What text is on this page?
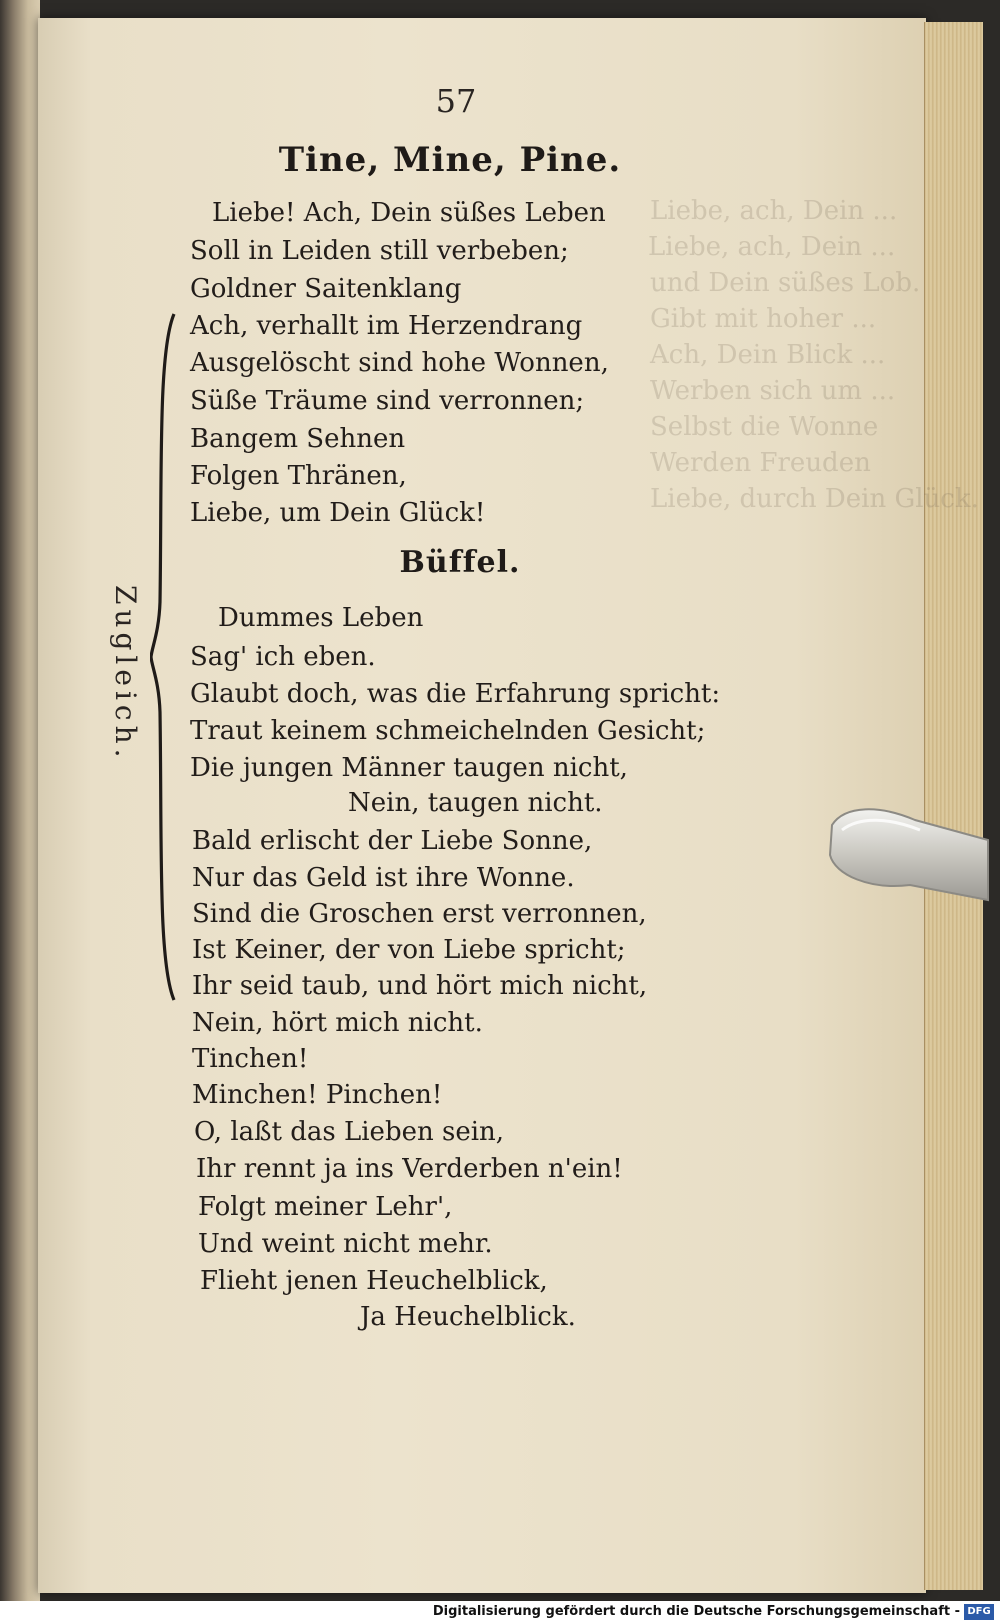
Liebe, ach, Dein ...
Liebe, ach, Dein ...
und Dein süßes Lob.
Gibt mit hoher ...
Ach, Dein Blick ...
Werben sich um ...
Selbst die Wonne
Werden Freuden
Liebe, durch Dein Glück.
57
Tine, Mine, Pine.
Liebe! Ach, Dein süßes Leben
Soll in Leiden still verbeben;
Goldner Saitenklang
Ach, verhallt im Herzendrang
Ausgelöscht sind hohe Wonnen,
Süße Träume sind verronnen;
Bangem Sehnen
Folgen Thränen,
Liebe, um Dein Glück!
Büffel.
Dummes Leben
Sag' ich eben.
Glaubt doch, was die Erfahrung spricht:
Traut keinem schmeichelnden Gesicht;
Die jungen Männer taugen nicht,
Nein, taugen nicht.
Bald erlischt der Liebe Sonne,
Nur das Geld ist ihre Wonne.
Sind die Groschen erst verronnen,
Ist Keiner, der von Liebe spricht;
Ihr seid taub, und hört mich nicht,
Nein, hört mich nicht.
Tinchen!
Minchen! Pinchen!
O, laßt das Lieben sein,
Ihr rennt ja ins Verderben n'ein!
Folgt meiner Lehr',
Und weint nicht mehr.
Flieht jenen Heuchelblick,
Ja Heuchelblick.
Zugleich.
Digitalisierung gefördert durch die Deutsche Forschungsgemeinschaft - DFG
